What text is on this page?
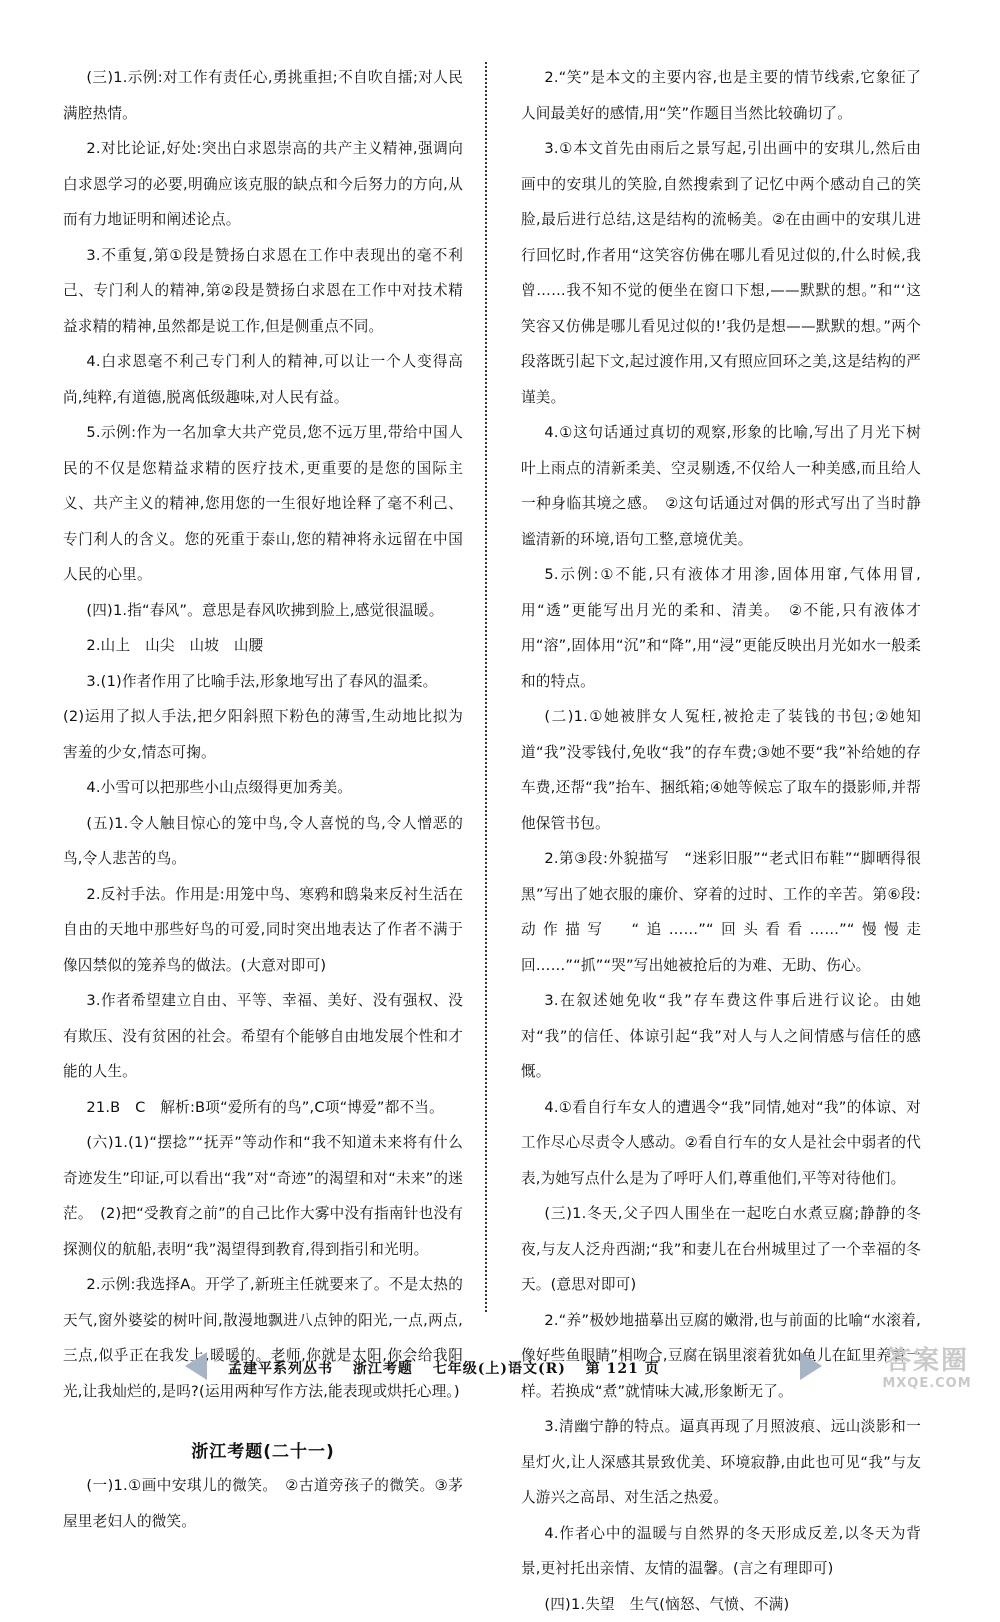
(三)1.示例:对工作有责任心,勇挑重担;不自吹自擂;对人民满腔热情。

2.对比论证,好处:突出白求恩崇高的共产主义精神,强调向白求恩学习的必要,明确应该克服的缺点和今后努力的方向,从而有力地证明和阐述论点。

3.不重复,第①段是赞扬白求恩在工作中表现出的毫不利己、专门利人的精神,第②段是赞扬白求恩在工作中对技术精益求精的精神,虽然都是说工作,但是侧重点不同。

4.白求恩毫不利己专门利人的精神,可以让一个人变得高尚,纯粹,有道德,脱离低级趣味,对人民有益。

5.示例:作为一名加拿大共产党员,您不远万里,带给中国人民的不仅是您精益求精的医疗技术,更重要的是您的国际主义、共产主义的精神,您用您的一生很好地诠释了毫不利己、专门利人的含义。您的死重于泰山,您的精神将永远留在中国人民的心里。

(四)1.指“春风”。意思是春风吹拂到脸上,感觉很温暖。

2.山上　山尖　山坡　山腰

3.(1)作者作用了比喻手法,形象地写出了春风的温柔。

(2)运用了拟人手法,把夕阳斜照下粉色的薄雪,生动地比拟为害羞的少女,情态可掬。

4.小雪可以把那些小山点缀得更加秀美。

(五)1.令人触目惊心的笼中鸟,令人喜悦的鸟,令人憎恶的鸟,令人悲苦的鸟。

2.反衬手法。作用是:用笼中鸟、寒鸦和鸱枭来反衬生活在自由的天地中那些好鸟的可爱,同时突出地表达了作者不满于像囚禁似的笼养鸟的做法。(大意对即可)

3.作者希望建立自由、平等、幸福、美好、没有强权、没有欺压、没有贫困的社会。希望有个能够自由地发展个性和才能的人生。

21.B　C　解析:B项“爱所有的鸟”,C项“博爱”都不当。

(六)1.(1)“摆捻”“抚弄”等动作和“我不知道未来将有什么奇迹发生”印证,可以看出“我”对“奇迹”的渴望和对“未来”的迷茫。　(2)把“受教育之前”的自己比作大雾中没有指南针也没有探测仪的航船,表明“我”渴望得到教育,得到指引和光明。

2.示例:我选择A。开学了,新班主任就要来了。不是太热的天气,窗外婆娑的树叶间,散漫地飘进八点钟的阳光,一点,两点,三点,似乎正在我发上,暖暖的。老师,你就是太阳,你会给我阳光,让我灿烂的,是吗?(运用两种写作方法,能表现或烘托心理。)

浙江考题(二十一)

(一)1.①画中安琪儿的微笑。　②古道旁孩子的微笑。③茅屋里老妇人的微笑。

2.“笑”是本文的主要内容,也是主要的情节线索,它象征了人间最美好的感情,用“笑”作题目当然比较确切了。

3.①本文首先由雨后之景写起,引出画中的安琪儿,然后由画中的安琪儿的笑脸,自然搜索到了记忆中两个感动自己的笑脸,最后进行总结,这是结构的流畅美。②在由画中的安琪儿进行回忆时,作者用“这笑容仿佛在哪儿看见过似的,什么时候,我曾……我不知不觉的便坐在窗口下想,——默默的想。”和“‘这笑容又仿佛是哪儿看见过似的!’我仍是想——默默的想。”两个段落既引起下文,起过渡作用,又有照应回环之美,这是结构的严谨美。

4.①这句话通过真切的观察,形象的比喻,写出了月光下树叶上雨点的清新柔美、空灵剔透,不仅给人一种美感,而且给人一种身临其境之感。　②这句话通过对偶的形式写出了当时静谧清新的环境,语句工整,意境优美。

5.示例:①不能,只有液体才用渗,固体用窜,气体用冒,用“透”更能写出月光的柔和、清美。　②不能,只有液体才用“溶”,固体用“沉”和“降”,用“浸”更能反映出月光如水一般柔和的特点。

(二)1.①她被胖女人冤枉,被抢走了装钱的书包;②她知道“我”没零钱付,免收“我”的存车费;③她不要“我”补给她的存车费,还帮“我”抬车、捆纸箱;④她等候忘了取车的摄影师,并帮他保管书包。

2.第③段:外貌描写　“迷彩旧服”“老式旧布鞋”“脚晒得很黑”写出了她衣服的廉价、穿着的过时、工作的辛苦。第⑥段:动作描写　“追……”“回头看看……”“慢慢走回……”“抓”“哭”写出她被抢后的为难、无助、伤心。

3.在叙述她免收“我”存车费这件事后进行议论。由她对“我”的信任、体谅引起“我”对人与人之间情感与信任的感慨。

4.①看自行车女人的遭遇令“我”同情,她对“我”的体谅、对工作尽心尽责令人感动。②看自行车的女人是社会中弱者的代表,为她写点什么是为了呼吁人们,尊重他们,平等对待他们。

(三)1.冬天,父子四人围坐在一起吃白水煮豆腐;静静的冬夜,与友人泛舟西湖;“我”和妻儿在台州城里过了一个幸福的冬天。(意思对即可)

2.“养”极妙地描摹出豆腐的嫩滑,也与前面的比喻“水滚着,像好些鱼眼睛”相吻合,豆腐在锅里滚着犹如鱼儿在缸里养着一样。若换成“煮”就情味大减,形象断无了。

3.清幽宁静的特点。逼真再现了月照波痕、远山淡影和一星灯火,让人深感其景致优美、环境寂静,由此也可见“我”与友人游兴之高昂、对生活之热爱。

4.作者心中的温暖与自然界的冬天形成反差,以冬天为背景,更衬托出亲情、友情的温馨。(言之有理即可)

(四)1.失望　生气(恼怒、气愤、不满)

孟建平系列丛书 浙江考题 七年级(上)语文(R) 第 121 页	答案圈
MXQE.COM
